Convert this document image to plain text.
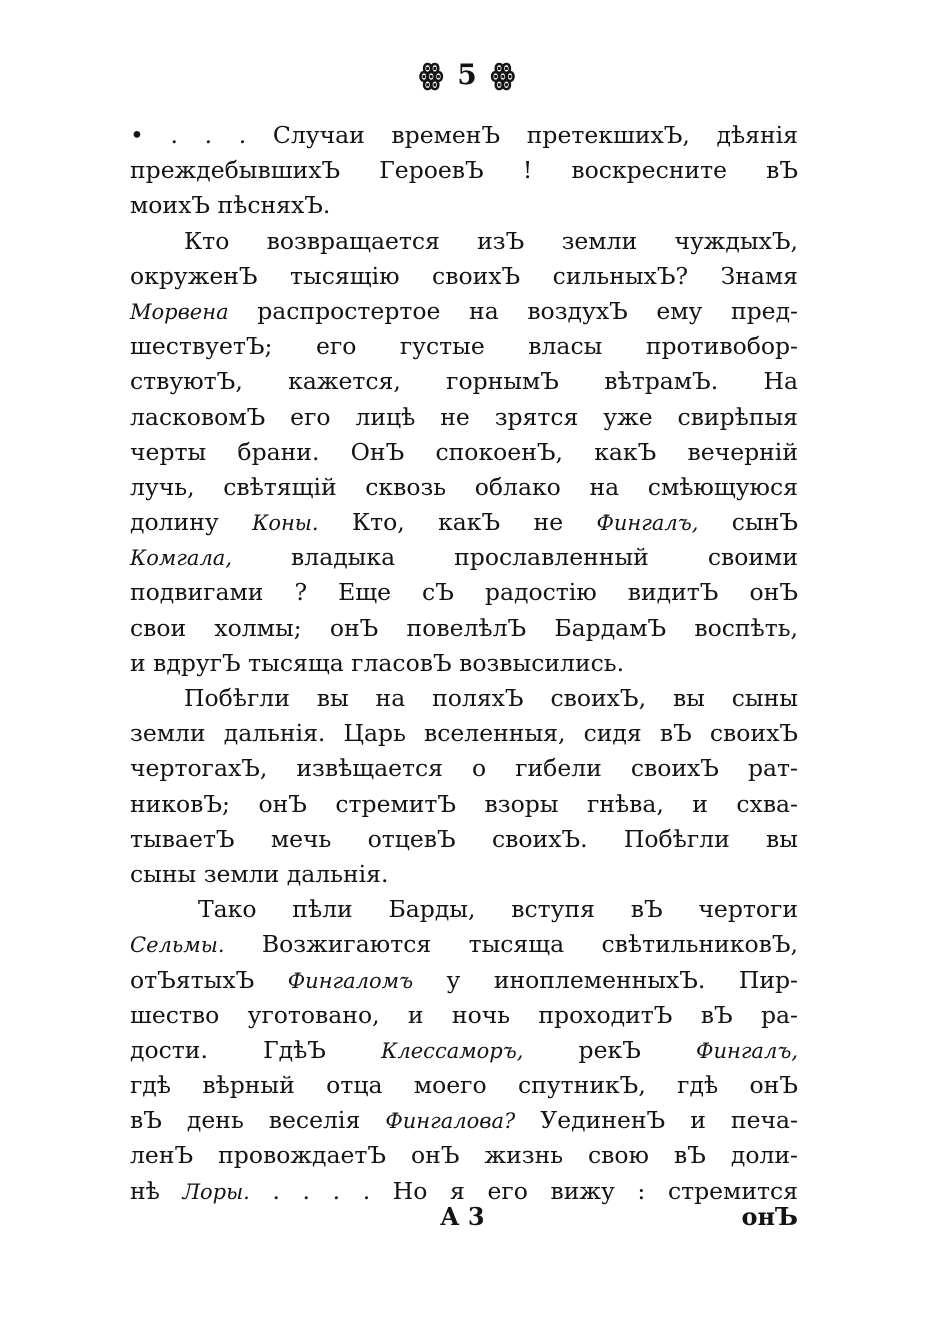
ꙮ 5 ꙮ
• . . . Случаи временЪ претекшихЪ, дѣянія
преждебывшихЪ ГероевЪ ! воскресните вЪ
моихЪ пѣсняхЪ.
Кто возвращается изЪ земли чуждыхЪ,
окруженЪ тысящію своихЪ сильныхЪ? Знамя
Морвена распростертое на воздухЪ ему пред-
шествуетЪ; его густые власы противобор-
ствуютЪ, кажется, горнымЪ вѣтрамЪ. На
ласковомЪ его лицѣ не зрятся уже свирѣпыя
черты брани. ОнЪ спокоенЪ, какЪ вечерній
лучь, свѣтящій сквозь облако на смѣющуюся
долину Коны. Кто, какЪ не Фингалъ, сынЪ
Комгала, владыка прославленный своими
подвигами ? Еще сЪ радостію видитЪ онЪ
свои холмы; онЪ повелѣлЪ БардамЪ воспѣть,
и вдругЪ тысяща гласовЪ возвысились.
Побѣгли вы на поляхЪ своихЪ, вы сыны
земли дальнія. Царь вселенныя, сидя вЪ своихЪ
чертогахЪ, извѣщается о гибели своихЪ рат-
никовЪ; онЪ стремитЪ взоры гнѣва, и схва-
тываетЪ мечь отцевЪ своихЪ. Побѣгли вы
сыны земли дальнія.
Тако пѣли Барды, вступя вЪ чертоги
Сельмы. Возжигаются тысяща свѣтильниковЪ,
отЪятыхЪ Фингаломъ у иноплеменныхЪ. Пир-
шество уготовано, и ночь проходитЪ вЪ ра-
дости. ГдѣЪ Клессаморъ, рекЪ Фингалъ,
гдѣ вѣрный отца моего спутникЪ, гдѣ онЪ
вЪ день веселія Фингалова? УединенЪ и печа-
ленЪ провождаетЪ онЪ жизнь свою вЪ доли-
нѣ Лоры. . . . . Но я его вижу : стремится
А 3	онЪ
